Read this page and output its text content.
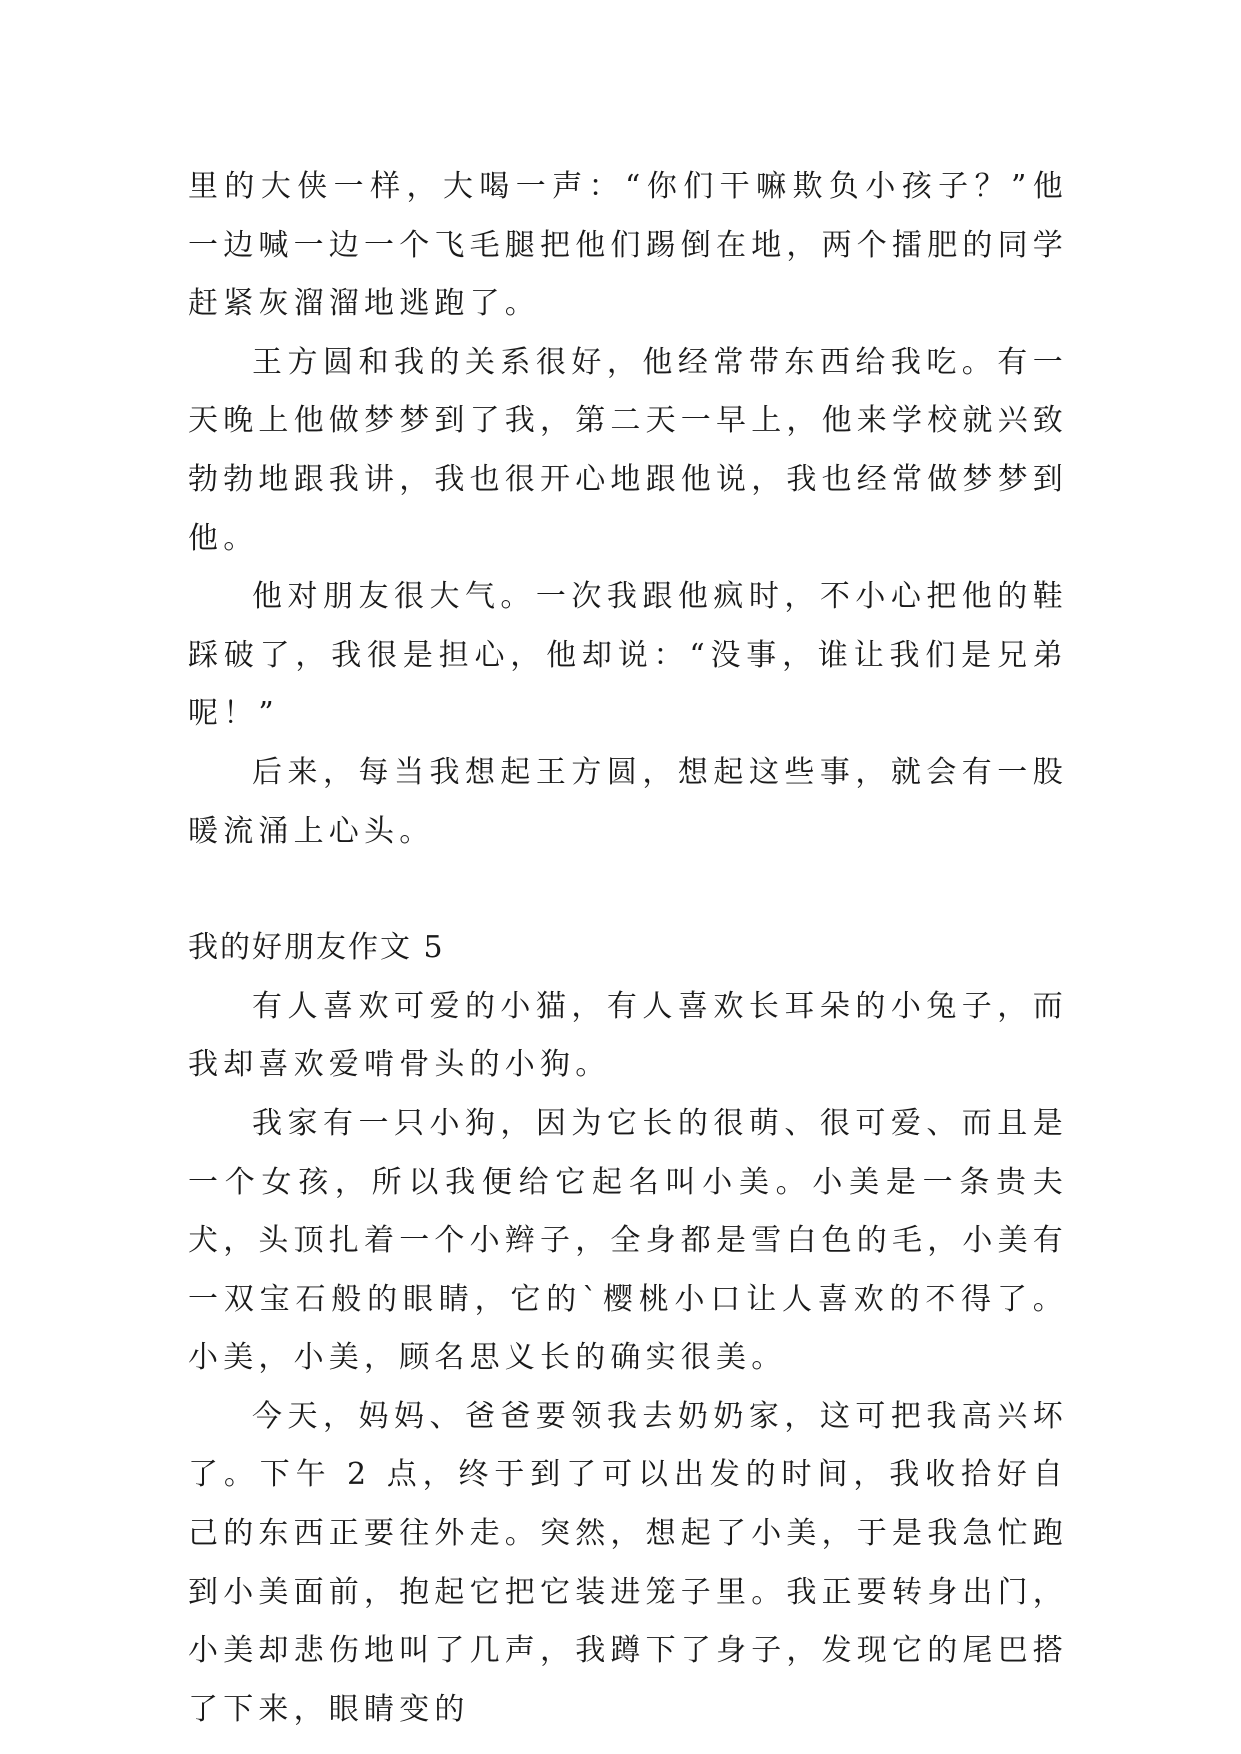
里的大侠一样，大喝一声：“你们干嘛欺负小孩子？”他一边喊一边一个飞毛腿把他们踢倒在地，两个擂肥的同学赶紧灰溜溜地逃跑了。

王方圆和我的关系很好，他经常带东西给我吃。有一天晚上他做梦梦到了我，第二天一早上，他来学校就兴致勃勃地跟我讲，我也很开心地跟他说，我也经常做梦梦到他。

他对朋友很大气。一次我跟他疯时，不小心把他的鞋踩破了，我很是担心，他却说：“没事，谁让我们是兄弟呢！”

后来，每当我想起王方圆，想起这些事，就会有一股暖流涌上心头。

我的好朋友作文 5

有人喜欢可爱的小猫，有人喜欢长耳朵的小兔子，而我却喜欢爱啃骨头的小狗。

我家有一只小狗，因为它长的很萌、很可爱、而且是一个女孩，所以我便给它起名叫小美。小美是一条贵夫犬，头顶扎着一个小辫子，全身都是雪白色的毛，小美有一双宝石般的眼睛，它的`樱桃小口让人喜欢的不得了。小美，小美，顾名思义长的确实很美。

今天，妈妈、爸爸要领我去奶奶家，这可把我高兴坏了。下午 2 点，终于到了可以出发的时间，我收拾好自己的东西正要往外走。突然，想起了小美，于是我急忙跑到小美面前，抱起它把它装进笼子里。我正要转身出门，小美却悲伤地叫了几声，我蹲下了身子，发现它的尾巴搭了下来，眼睛变的
